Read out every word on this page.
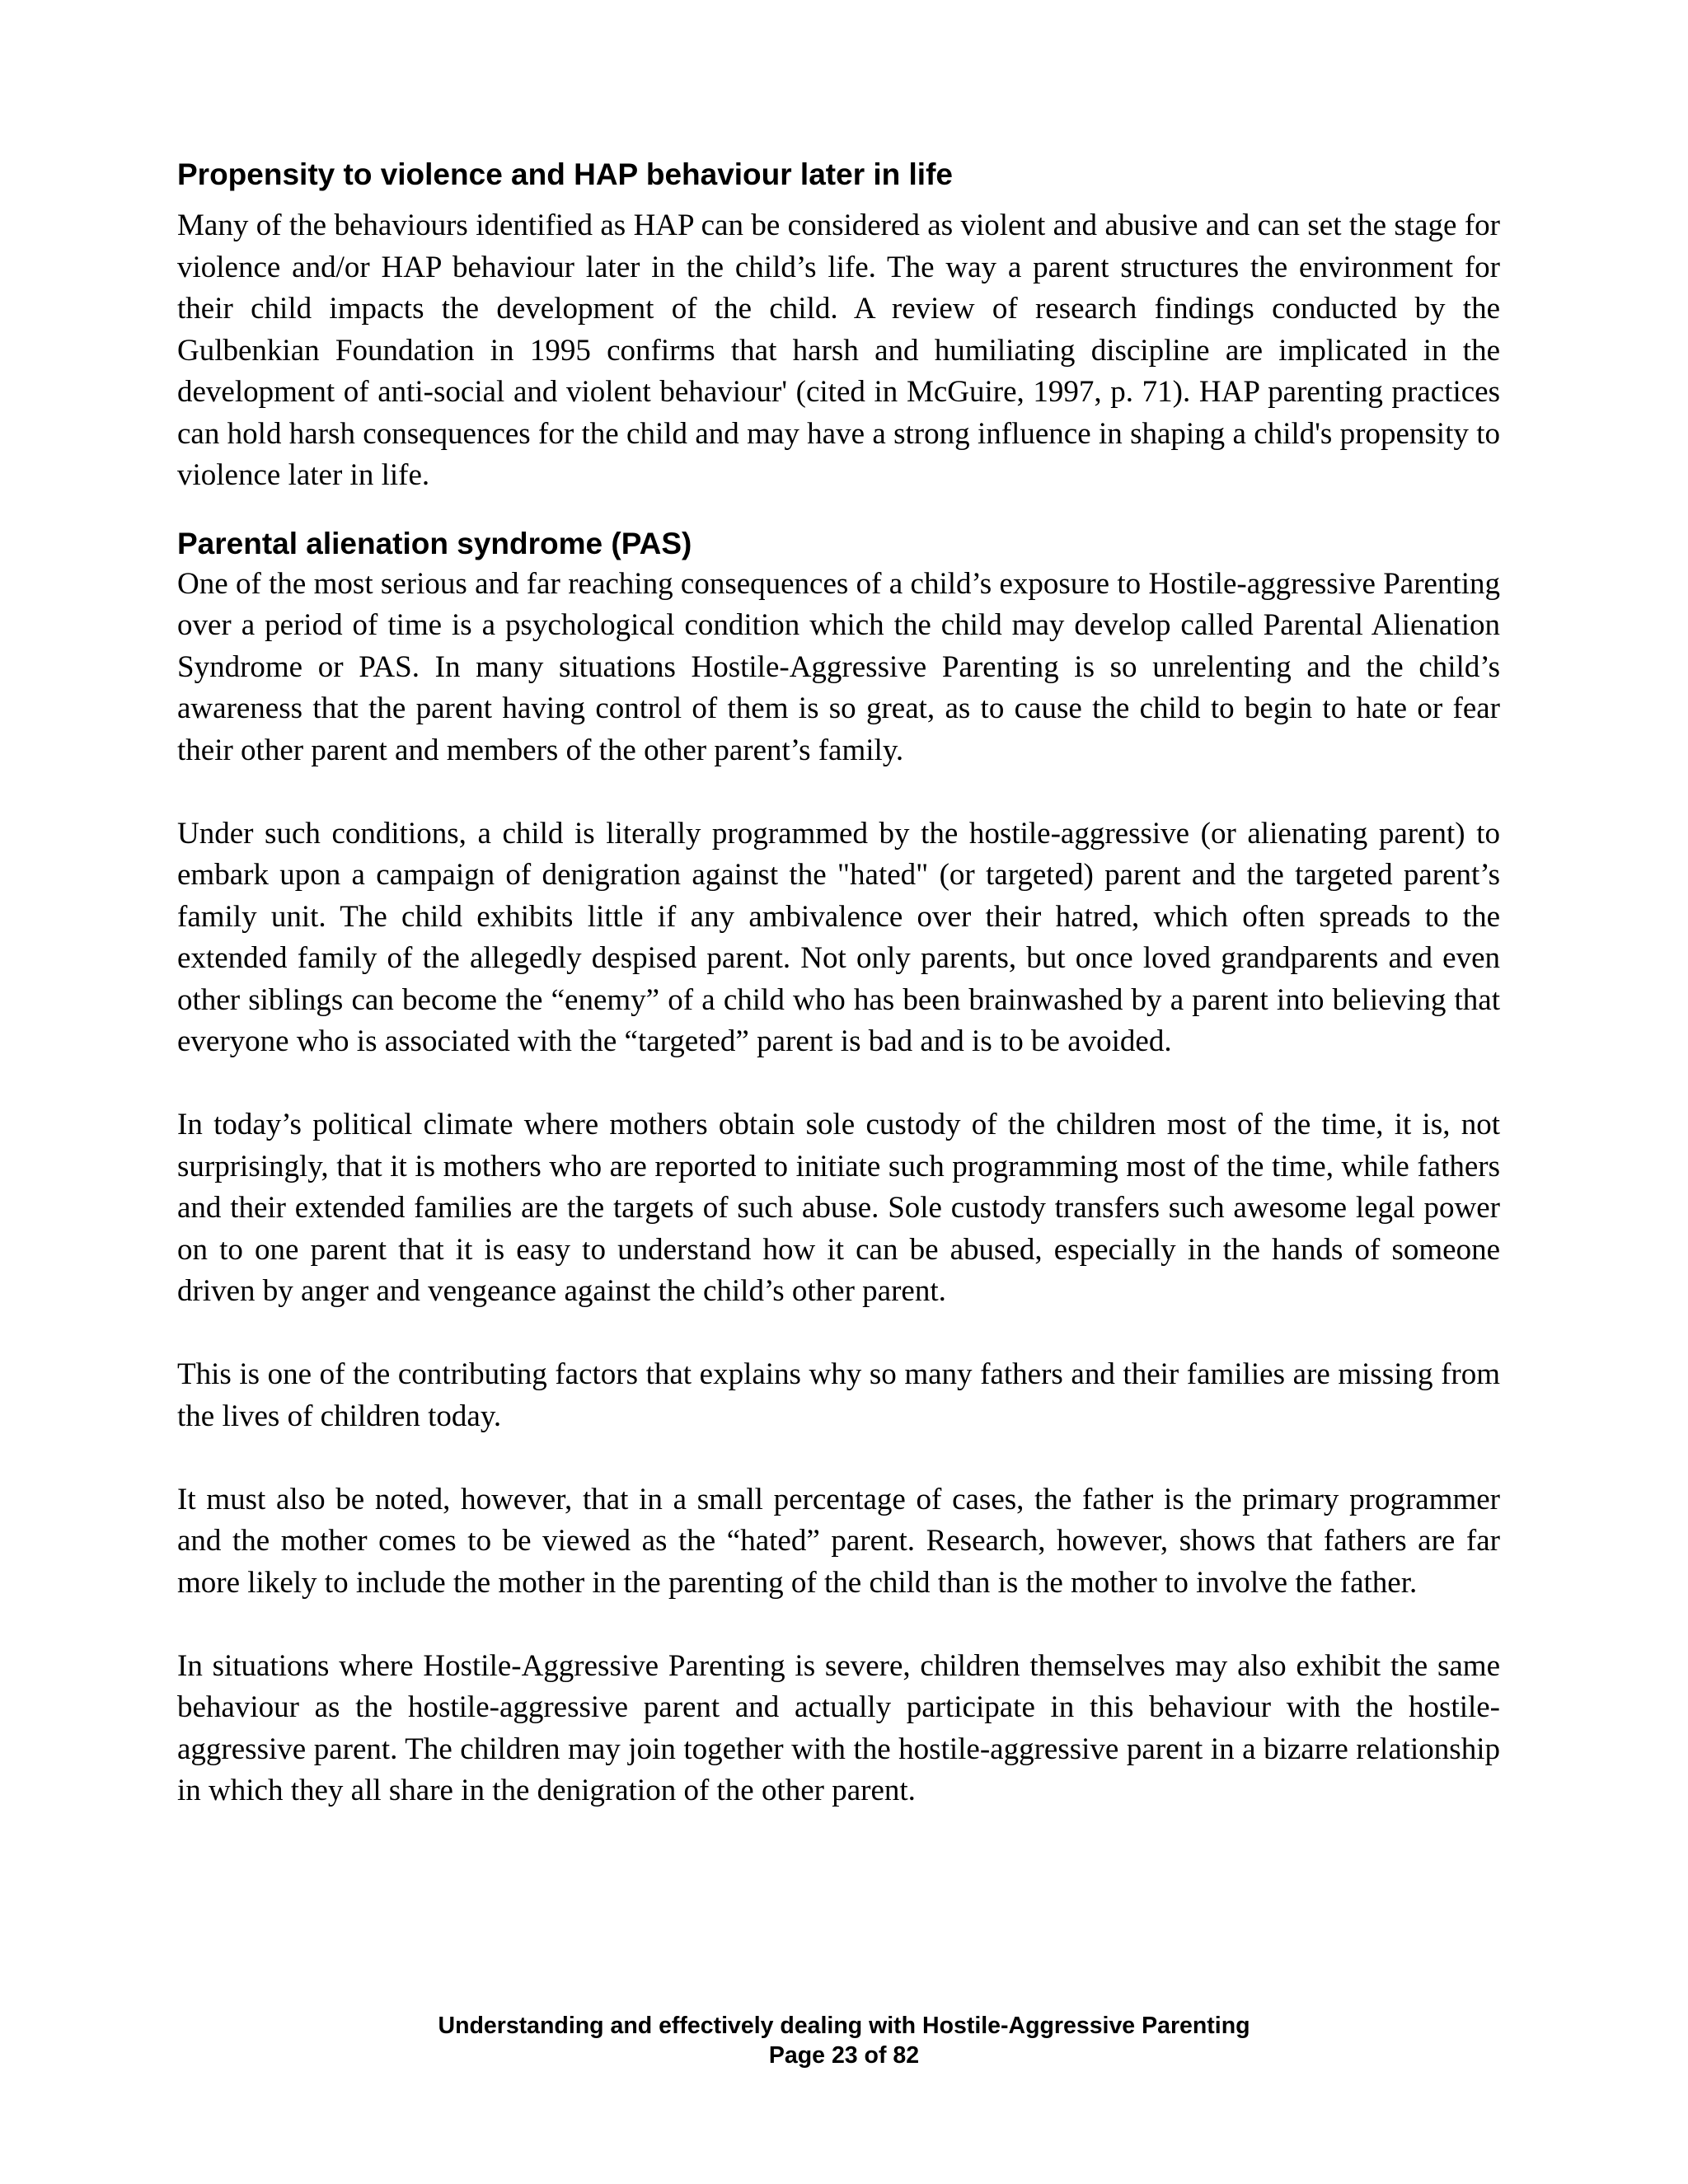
Propensity to violence and HAP behaviour later in life

Many of the behaviours identified as HAP can be considered as violent and abusive and can set the stage for violence and/or HAP behaviour later in the child’s life. The way a parent structures the environment for their child impacts the development of the child. A review of research findings conducted by the Gulbenkian Foundation in 1995 confirms that harsh and humiliating discipline are implicated in the development of anti-social and violent behaviour' (cited in McGuire, 1997, p. 71). HAP parenting practices can hold harsh consequences for the child and may have a strong influence in shaping a child's propensity to violence later in life.

Parental alienation syndrome (PAS)

One of the most serious and far reaching consequences of a child’s exposure to Hostile-aggressive Parenting over a period of time is a psychological condition which the child may develop called Parental Alienation Syndrome or PAS. In many situations Hostile-Aggressive Parenting is so unrelenting and the child’s awareness that the parent having control of them is so great, as to cause the child to begin to hate or fear their other parent and members of the other parent’s family.

Under such conditions, a child is literally programmed by the hostile-aggressive (or alienating parent) to embark upon a campaign of denigration against the "hated" (or targeted) parent and the targeted parent’s family unit. The child exhibits little if any ambivalence over their hatred, which often spreads to the extended family of the allegedly despised parent. Not only parents, but once loved grandparents and even other siblings can become the “enemy” of a child who has been brainwashed by a parent into believing that everyone who is associated with the “targeted” parent is bad and is to be avoided.

In today’s political climate where mothers obtain sole custody of the children most of the time, it is, not surprisingly, that it is mothers who are reported to initiate such programming most of the time, while fathers and their extended families are the targets of such abuse. Sole custody transfers such awesome legal power on to one parent that it is easy to understand how it can be abused, especially in the hands of someone driven by anger and vengeance against the child’s other parent.

This is one of the contributing factors that explains why so many fathers and their families are missing from the lives of children today.

It must also be noted, however, that in a small percentage of cases, the father is the primary programmer and the mother comes to be viewed as the “hated” parent. Research, however, shows that fathers are far more likely to include the mother in the parenting of the child than is the mother to involve the father.

In situations where Hostile-Aggressive Parenting is severe, children themselves may also exhibit the same behaviour as the hostile-aggressive parent and actually participate in this behaviour with the hostile-aggressive parent. The children may join together with the hostile-aggressive parent in a bizarre relationship in which they all share in the denigration of the other parent.

Understanding and effectively dealing with Hostile-Aggressive Parenting
Page 23 of 82
